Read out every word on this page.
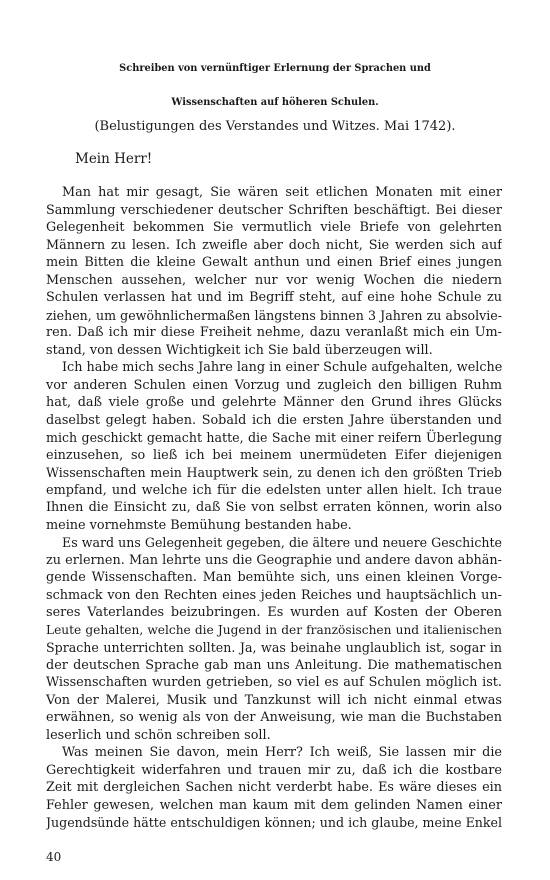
Schreiben von vernünftiger Erlernung der Sprachen und
Wissenschaften auf höheren Schulen.
(Belustigungen des Verstandes und Witzes. Mai 1742).
Mein Herr!
Man hat mir gesagt, Sie wären seit etlichen Monaten mit einer
Sammlung verschiedener deutscher Schriften beschäftigt. Bei dieser
Gelegenheit bekommen Sie vermutlich viele Briefe von gelehrten
Männern zu lesen. Ich zweifle aber doch nicht, Sie werden sich auf
mein Bitten die kleine Gewalt anthun und einen Brief eines jungen
Menschen aussehen, welcher nur vor wenig Wochen die niedern
Schulen verlassen hat und im Begriff steht, auf eine hohe Schule zu
ziehen, um gewöhnlichermaßen längstens binnen 3 Jahren zu absolvie-
ren. Daß ich mir diese Freiheit nehme, dazu veranlaßt mich ein Um-
stand, von dessen Wichtigkeit ich Sie bald überzeugen will.
Ich habe mich sechs Jahre lang in einer Schule aufgehalten, welche
vor anderen Schulen einen Vorzug und zugleich den billigen Ruhm
hat, daß viele große und gelehrte Männer den Grund ihres Glücks
daselbst gelegt haben. Sobald ich die ersten Jahre überstanden und
mich geschickt gemacht hatte, die Sache mit einer reifern Überlegung
einzusehen, so ließ ich bei meinem unermüdeten Eifer diejenigen
Wissenschaften mein Hauptwerk sein, zu denen ich den größten Trieb
empfand, und welche ich für die edelsten unter allen hielt. Ich traue
Ihnen die Einsicht zu, daß Sie von selbst erraten können, worin also
meine vornehmste Bemühung bestanden habe.
Es ward uns Gelegenheit gegeben, die ältere und neuere Geschichte
zu erlernen. Man lehrte uns die Geographie und andere davon abhän-
gende Wissenschaften. Man bemühte sich, uns einen kleinen Vorge-
schmack von den Rechten eines jeden Reiches und hauptsächlich un-
seres Vaterlandes beizubringen. Es wurden auf Kosten der Oberen
Leute gehalten, welche die Jugend in der französischen und italienischen
Sprache unterrichten sollten. Ja, was beinahe unglaublich ist, sogar in
der deutschen Sprache gab man uns Anleitung. Die mathematischen
Wissenschaften wurden getrieben, so viel es auf Schulen möglich ist.
Von der Malerei, Musik und Tanzkunst will ich nicht einmal etwas
erwähnen, so wenig als von der Anweisung, wie man die Buchstaben
leserlich und schön schreiben soll.
Was meinen Sie davon, mein Herr? Ich weiß, Sie lassen mir die
Gerechtigkeit widerfahren und trauen mir zu, daß ich die kostbare
Zeit mit dergleichen Sachen nicht verderbt habe. Es wäre dieses ein
Fehler gewesen, welchen man kaum mit dem gelinden Namen einer
Jugendsünde hätte entschuldigen können; und ich glaube, meine Enkel
40
